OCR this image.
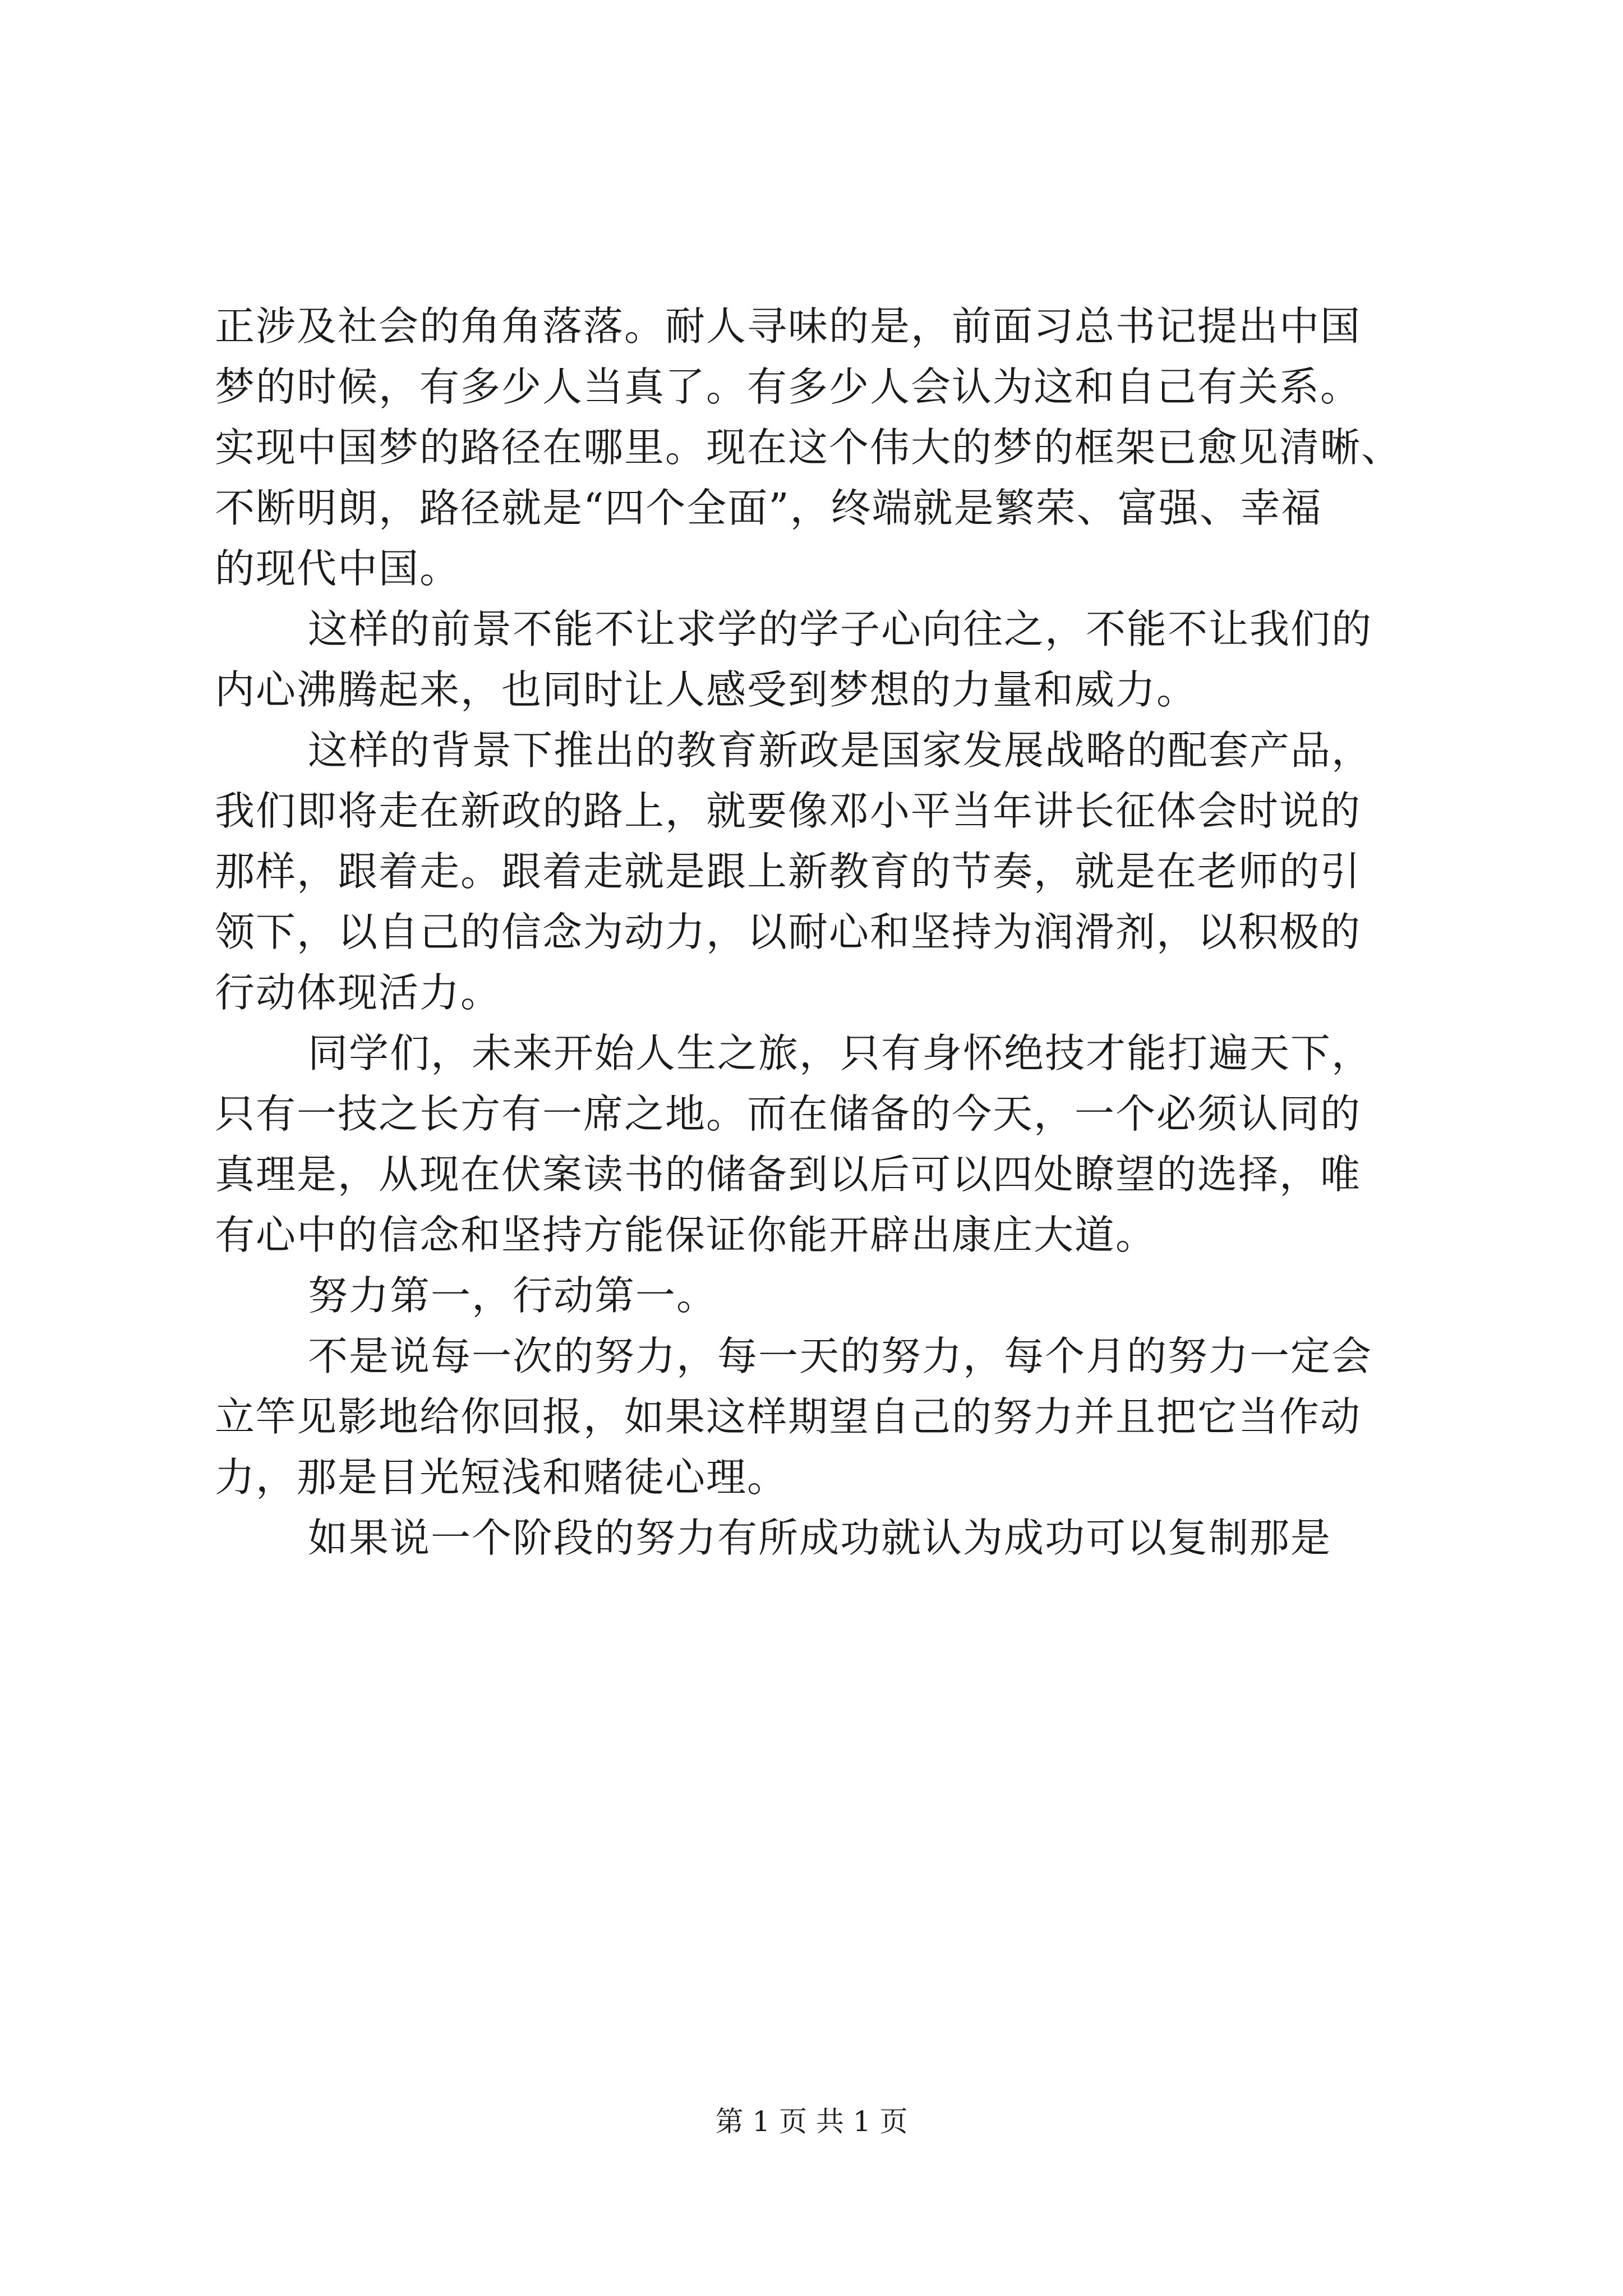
正涉及社会的角角落落。耐人寻味的是，前面习总书记提出中国
梦的时候，有多少人当真了。有多少人会认为这和自己有关系。
实现中国梦的路径在哪里。现在这个伟大的梦的框架已愈见清晰、
不断明朗，路径就是“四个全面”，终端就是繁荣、富强、幸福
的现代中国。
这样的前景不能不让求学的学子心向往之，不能不让我们的
内心沸腾起来，也同时让人感受到梦想的力量和威力。
这样的背景下推出的教育新政是国家发展战略的配套产品，
我们即将走在新政的路上，就要像邓小平当年讲长征体会时说的
那样，跟着走。跟着走就是跟上新教育的节奏，就是在老师的引
领下，以自己的信念为动力，以耐心和坚持为润滑剂，以积极的
行动体现活力。
同学们，未来开始人生之旅，只有身怀绝技才能打遍天下，
只有一技之长方有一席之地。而在储备的今天，一个必须认同的
真理是，从现在伏案读书的储备到以后可以四处瞭望的选择，唯
有心中的信念和坚持方能保证你能开辟出康庄大道。
努力第一，行动第一。
不是说每一次的努力，每一天的努力，每个月的努力一定会
立竿见影地给你回报，如果这样期望自己的努力并且把它当作动
力，那是目光短浅和赌徒心理。
如果说一个阶段的努力有所成功就认为成功可以复制那是
第 1 页 共 1 页
